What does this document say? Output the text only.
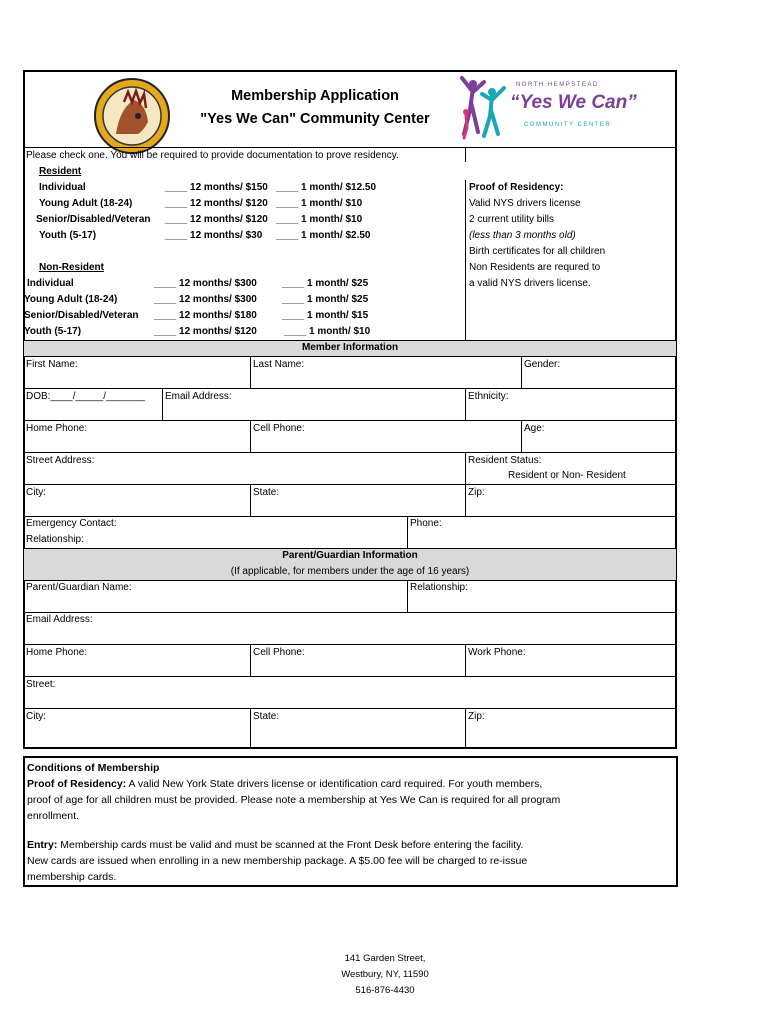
Membership Application
"Yes We Can" Community Center
NORTH HEMPSTEAD
“Yes We Can”
COMMUNITY CENTER
Please check one. You will be required to provide documentation to prove residency.
Resident
Individual	____ 12 months/ $150 ____ 1 month/ $12.50
Young Adult (18-24)	____ 12 months/ $120 ____ 1 month/ $10
Senior/Disabled/Veteran ____ 12 months/ $120 ____ 1 month/ $10
Youth (5-17)	____ 12 months/ $30 ____ 1 month/ $2.50
Proof of Residency:
Valid NYS drivers license
2 current utility bills
(less than 3 months old)
Birth certificates for all children
Non Residents are requred to
a valid NYS drivers license.
Non-Resident
Individual	____ 12 months/ $300	____ 1 month/ $25
Young Adult (18-24)	____ 12 months/ $300	____ 1 month/ $25
Senior/Disabled/Veteran ____ 12 months/ $180	____ 1 month/ $15
Youth (5-17)	____ 12 months/ $120	____ 1 month/ $10
Member Information
First Name:	Last Name:	Gender:
DOB:____/_____/_______ Email Address:	Ethnicity:
Home Phone:	Cell Phone:	Age:
Street Address:	Resident Status:
Resident or Non- Resident
City:	State:	Zip:
Emergency Contact:	Phone:
Relationship:
Parent/Guardian Information
(If applicable, for members under the age of 16 years)
Parent/Guardian Name:	Relationship:
Email Address:
Home Phone:	Cell Phone:	Work Phone:
Street:
City:	State:	Zip:

Conditions of Membership

Proof of Residency: A valid New York State drivers license or identification card required. For youth members,

proof of age for all children must be provided. Please note a membership at Yes We Can is required for all program

enrollment.

Entry: Membership cards must be valid and must be scanned at the Front Desk before entering the facility.

New cards are issued when enrolling in a new membership package. A $5.00 fee will be charged to re-issue

membership cards.

141 Garden Street,
Westbury, NY, 11590
516-876-4430
